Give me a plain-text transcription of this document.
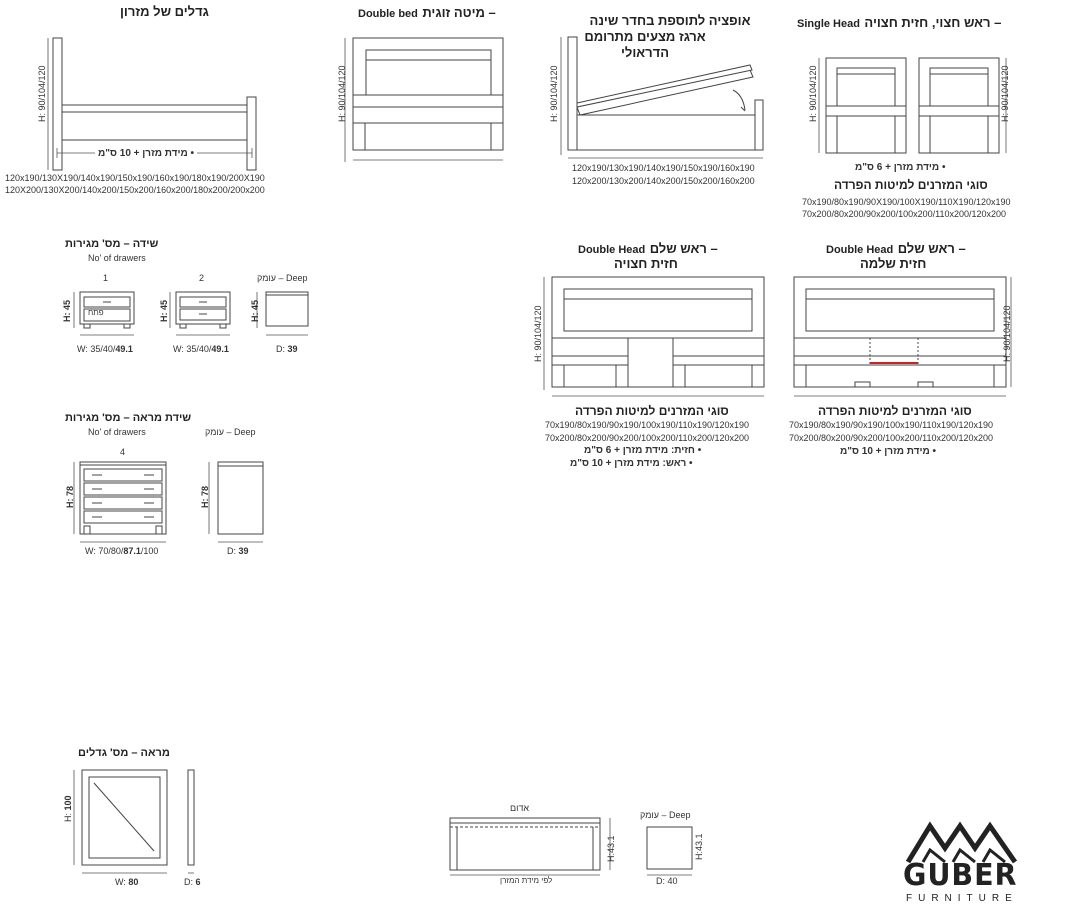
גדלים של מזרון
H: 90/104/120
• מידת מזרן + 10 ס"מ
120x190/130X190/140x190/150x190/160x190/180x190/200X190
120X200/130X200/140x200/150x200/160x200/180x200/200x200
Double bed – מיטה זוגית
H: 90/104/120
אופציה לתוספת בחדר שינה
ארגז מצעים מתרומם
הדראולי
H: 90/104/120
120x190/130x190/140x190/150x190/160x190
120x200/130x200/140x200/150x200/160x200
Single Head – ראש חצוי, חזית חצויה
H: 90/104/120	H: 90/104/120
• מידת מזרן + 6 ס"מ
סוגי המזרנים למיטות הפרדה
70x190/80x190/90X190/100X190/110X190/120x190
70x200/80x200/90x200/100x200/110x200/120x200
שידה – מס' מגירות
No' of drawers
1	2	Deep – עומק
פתח
H: 45	H: 45	H: 45
W: 35/40/49.1	W: 35/40/49.1	D: 39
שידת מראה – מס' מגירות
No' of drawers
4
Deep – עומק
H: 78	H: 78
W: 70/80/87.1/100	D: 39
Double Head – ראש שלם
חזית חצויה
H: 90/104/120
סוגי המזרנים למיטות הפרדה
70x190/80x190/90x190/100x190/110x190/120x190
70x200/80x200/90x200/100x200/110x200/120x200
• חזית: מידת מזרן + 6 ס"מ
• ראש: מידת מזרן + 10 ס"מ
Double Head – ראש שלם
חזית שלמה
H: 90/104/120
סוגי המזרנים למיטות הפרדה
70x190/80x190/90x190/100x190/110x190/120x190
70x200/80x200/90x200/100x200/110x200/120x200
• מידת מזרן + 10 ס"מ
מראה – מס' גדלים
H: 100
W: 80	D: 6
אדום
H:43.1
לפי מידת המזרן
Deep – עומק
H:43.1
D: 40	GUBER
FURNITURE
